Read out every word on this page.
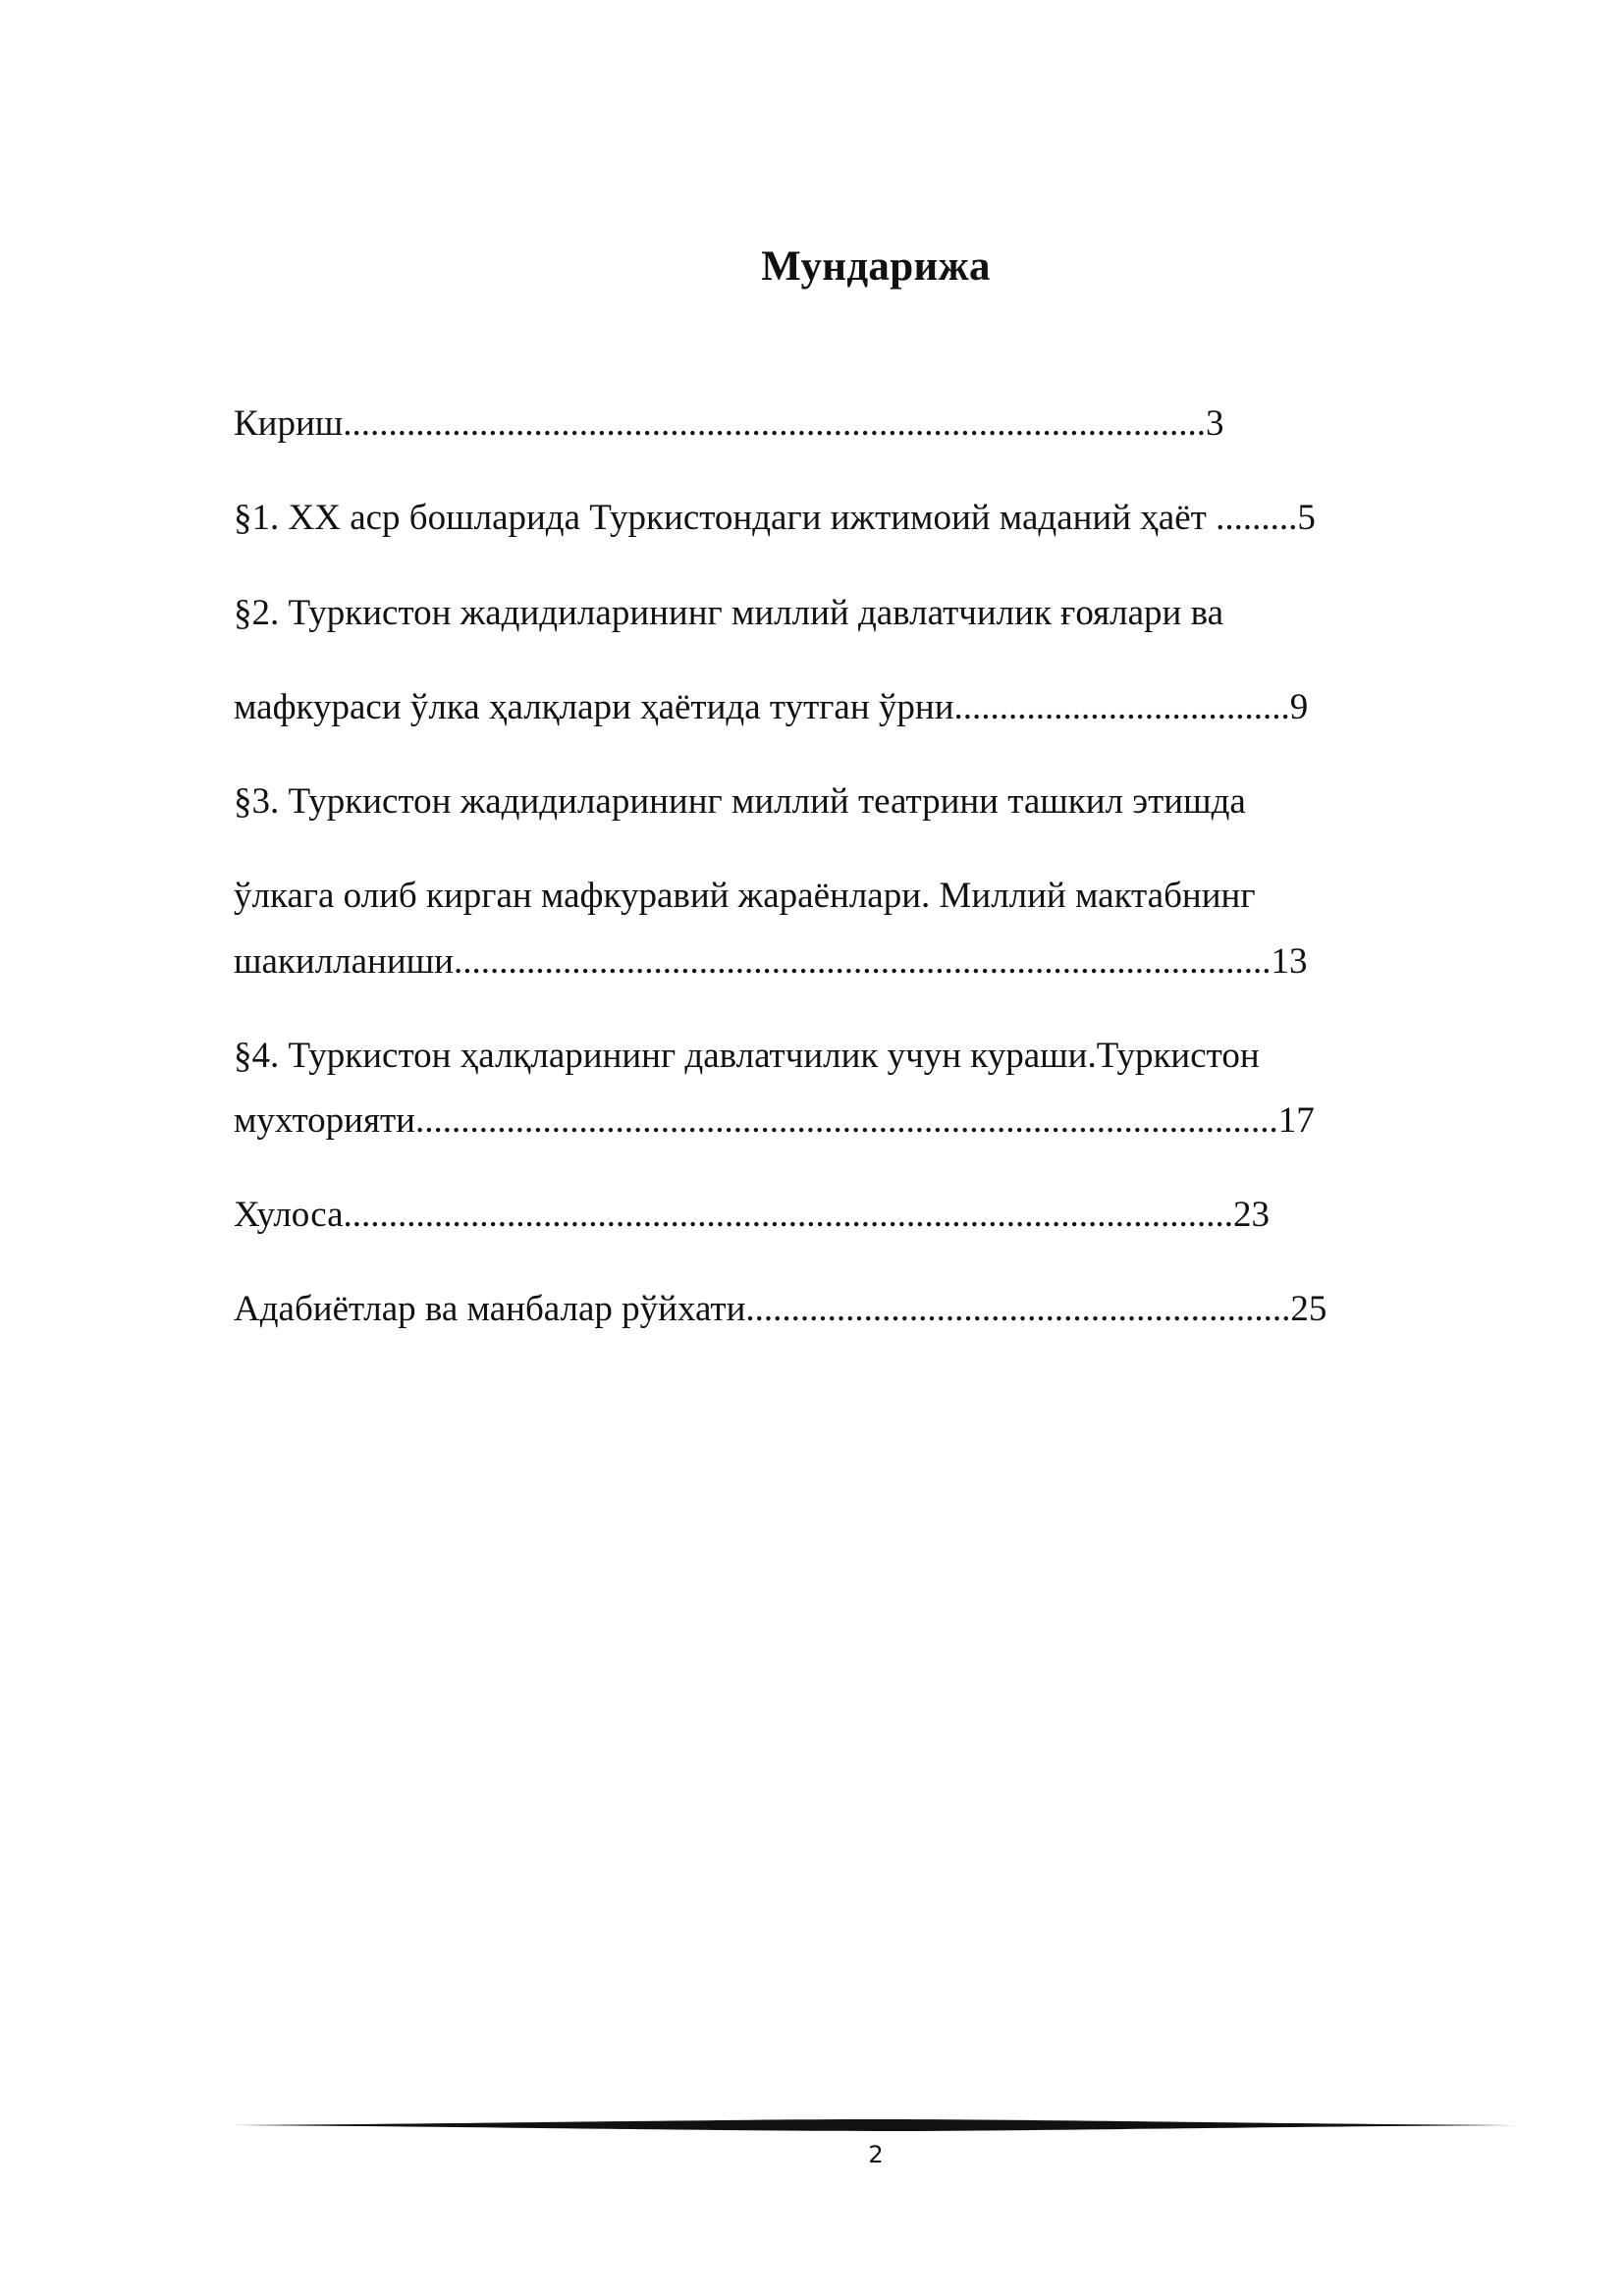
Мундарижа
Кириш...............................................................................................3
§1. XX аср бошларида Туркистондаги ижтимоий маданий ҳаёт .........5
§2. Туркистон жадидиларининг миллий давлатчилик ғоялари ва
мафкураси ўлка ҳалқлари ҳаётида тутган ўрни.....................................9
§3. Туркистон жадидиларининг миллий театрини ташкил этишда
ўлкага олиб кирган мафкуравий жараёнлари. Миллий мактабнинг
шакилланиши..........................................................................................13
§4. Туркистон ҳалқларининг давлатчилик учун кураши.Туркистон
мухторияти...............................................................................................17
Хулоса..................................................................................................23
Адабиётлар ва манбалар рўйхати............................................................25
2
